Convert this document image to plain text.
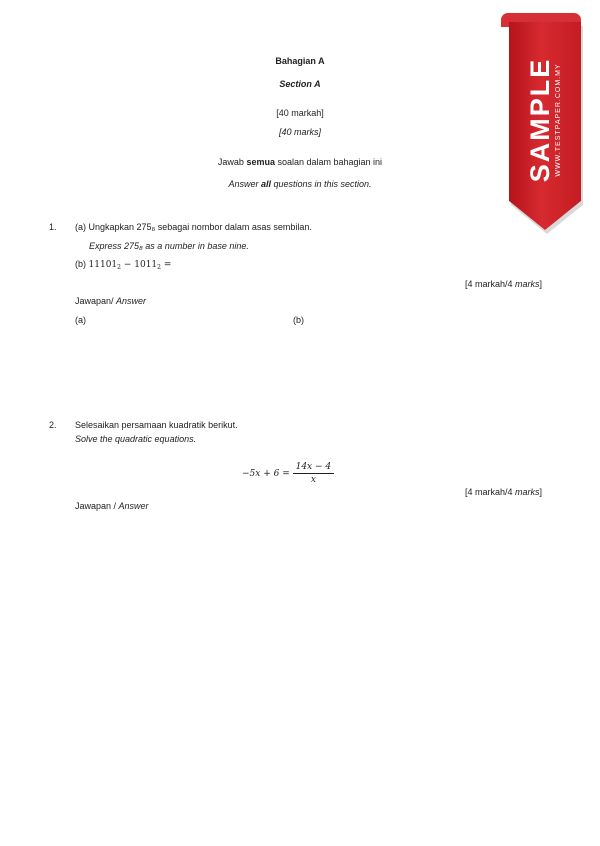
SAMPLE WWW.TESTPAPER.COM.MY
Bahagian A
Section A
[40 markah]
[40 marks]
Jawab semua soalan dalam bahagian ini
Answer all questions in this section.
1. (a) Ungkapkan 275₈ sebagai nombor dalam asas sembilan.
Express 275₈ as a number in base nine.
(b) $11101_2 - 1011_2$ =
[4 markah/4 marks]
Jawapan/ Answer
(a)	(b)
2. Selesaikan persamaan kuadratik berikut.
Solve the quadratic equations.
$-5x + 6 = \frac{14x - 4}{x}$
[4 markah/4 marks]
Jawapan / Answer
